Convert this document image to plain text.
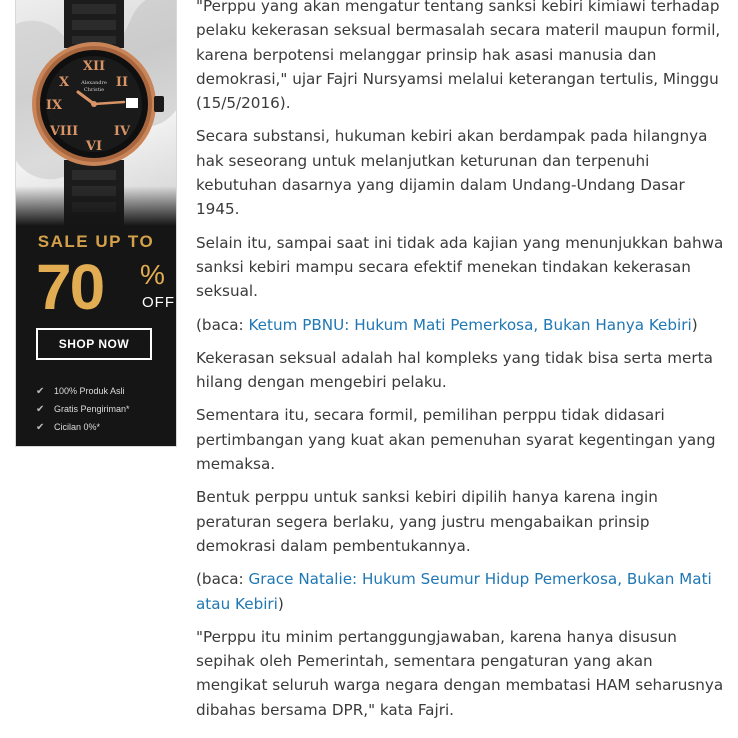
XII
VI
IX
II
X
VIII	IV
Alexandre
Christie
SALE UP TO
70 %
OFF
SHOP NOW
✔	100% Produk Asli
✔	Gratis Pengiriman*
✔	Cicilan 0%*

"Perppu yang akan mengatur tentang sanksi kebiri kimiawi terhadap pelaku kekerasan seksual bermasalah secara materil maupun formil, karena berpotensi melanggar prinsip hak asasi manusia dan demokrasi," ujar Fajri Nursyamsi melalui keterangan tertulis, Minggu (15/5/2016).

Secara substansi, hukuman kebiri akan berdampak pada hilangnya hak seseorang untuk melanjutkan keturunan dan terpenuhi kebutuhan dasarnya yang dijamin dalam Undang-Undang Dasar 1945.

Selain itu, sampai saat ini tidak ada kajian yang menunjukkan bahwa sanksi kebiri mampu secara efektif menekan tindakan kekerasan seksual.

(baca: Ketum PBNU: Hukum Mati Pemerkosa, Bukan Hanya Kebiri)

Kekerasan seksual adalah hal kompleks yang tidak bisa serta merta hilang dengan mengebiri pelaku.

Sementara itu, secara formil, pemilihan perppu tidak didasari pertimbangan yang kuat akan pemenuhan syarat kegentingan yang memaksa.

Bentuk perppu untuk sanksi kebiri dipilih hanya karena ingin peraturan segera berlaku, yang justru mengabaikan prinsip demokrasi dalam pembentukannya.

(baca: Grace Natalie: Hukum Seumur Hidup Pemerkosa, Bukan Mati atau Kebiri)

"Perppu itu minim pertanggungjawaban, karena hanya disusun sepihak oleh Pemerintah, sementara pengaturan yang akan mengikat seluruh warga negara dengan membatasi HAM seharusnya dibahas bersama DPR," kata Fajri.
